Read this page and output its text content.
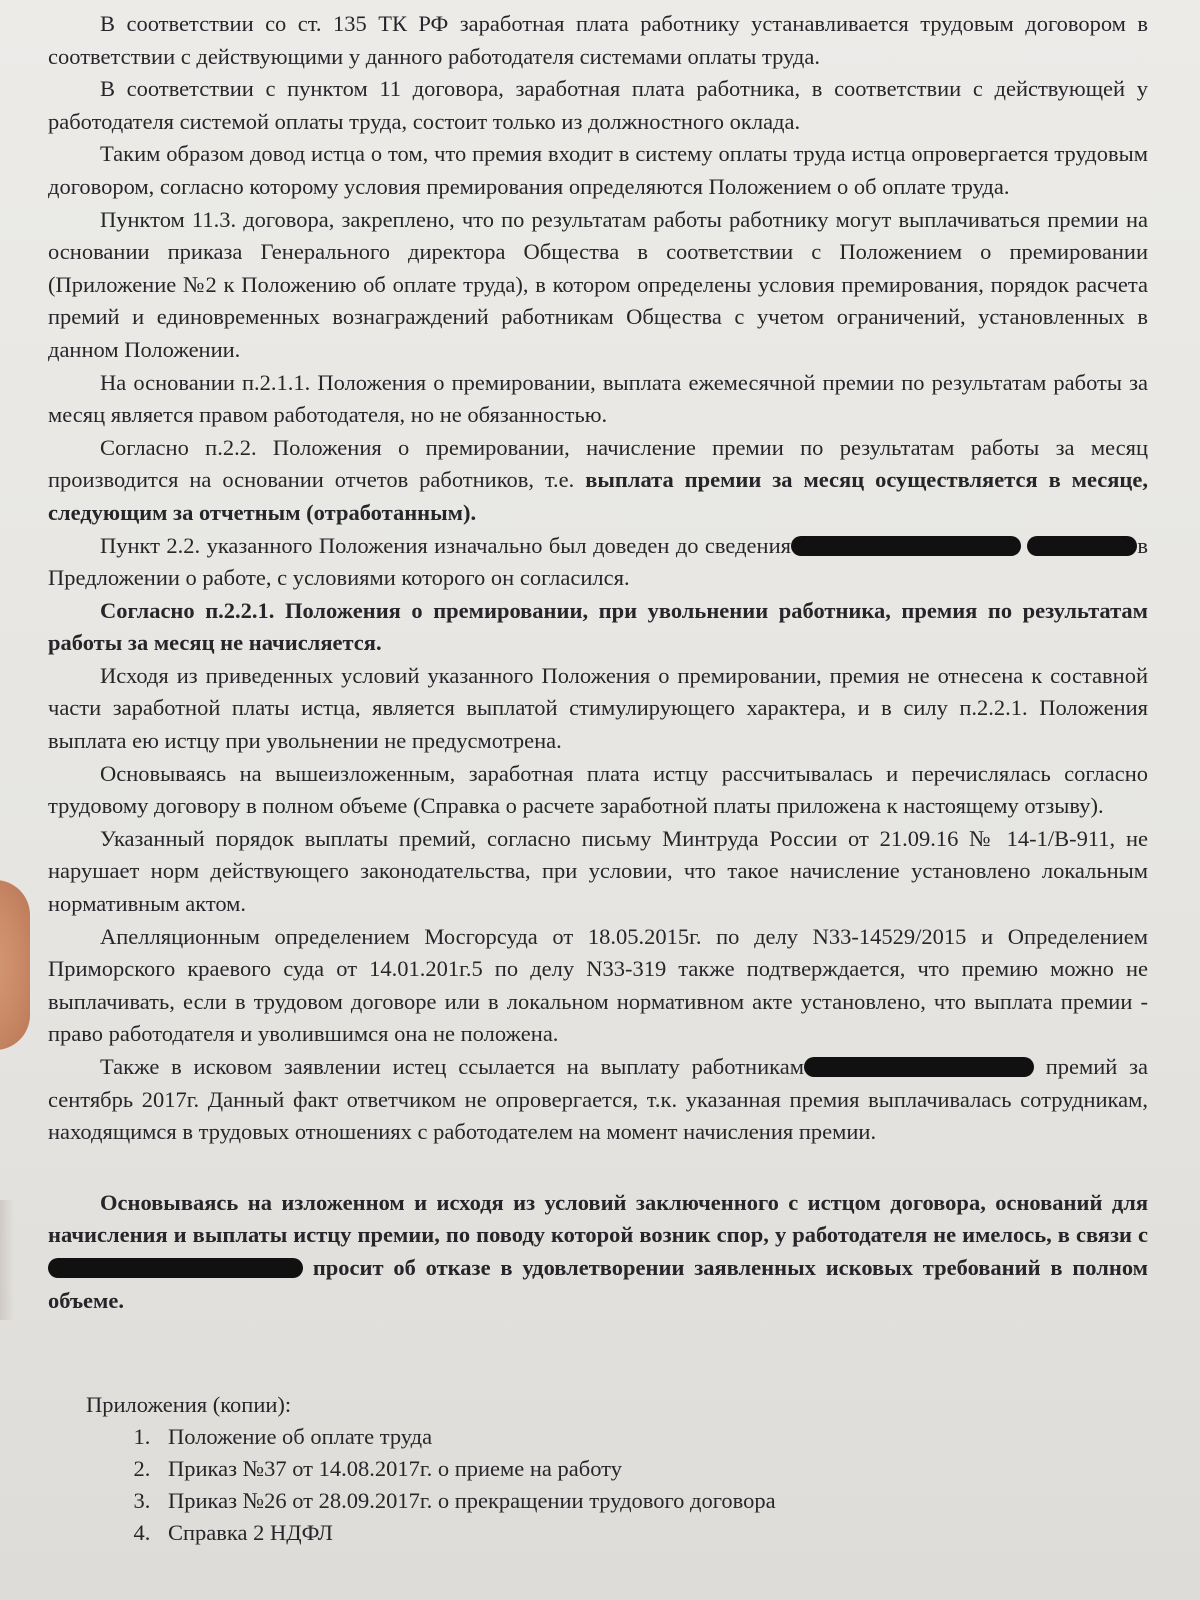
В соответствии со ст. 135 ТК РФ заработная плата работнику устанавливается трудовым договором в соответствии с действующими у данного работодателя системами оплаты труда.

В соответствии с пунктом 11 договора, заработная плата работника, в соответствии с действующей у работодателя системой оплаты труда, состоит только из должностного оклада.

Таким образом довод истца о том, что премия входит в систему оплаты труда истца опровергается трудовым договором, согласно которому условия премирования определяются Положением о об оплате труда.

Пунктом 11.3. договора, закреплено, что по результатам работы работнику могут выплачиваться премии на основании приказа Генерального директора Общества в соответствии с Положением о премировании (Приложение №2 к Положению об оплате труда), в котором определены условия премирования, порядок расчета премий и единовременных вознаграждений работникам Общества с учетом ограничений, установленных в данном Положении.

На основании п.2.1.1. Положения о премировании, выплата ежемесячной премии по результатам работы за месяц является правом работодателя, но не обязанностью.

Согласно п.2.2. Положения о премировании, начисление премии по результатам работы за месяц производится на основании отчетов работников, т.е. выплата премии за месяц осуществляется в месяце, следующим за отчетным (отработанным).

Пункт 2.2. указанного Положения изначально был доведен до сведения	в Предложении о работе, с условиями которого он согласился.

Согласно п.2.2.1. Положения о премировании, при увольнении работника, премия по результатам работы за месяц не начисляется.

Исходя из приведенных условий указанного Положения о премировании, премия не отнесена к составной части заработной платы истца, является выплатой стимулирующего характера, и в силу п.2.2.1. Положения выплата ею истцу при увольнении не предусмотрена.

Основываясь на вышеизложенным, заработная плата истцу рассчитывалась и перечислялась согласно трудовому договору в полном объеме (Справка о расчете заработной платы приложена к настоящему отзыву).

Указанный порядок выплаты премий, согласно письму Минтруда России от 21.09.16 № 14-1/В-911, не нарушает норм действующего законодательства, при условии, что такое начисление установлено локальным нормативным актом.

Апелляционным определением Мосгорсуда от 18.05.2015г. по делу N33-14529/2015 и Определением Приморского краевого суда от 14.01.201г.5 по делу N33-319 также подтверждается, что премию можно не выплачивать, если в трудовом договоре или в локальном нормативном акте установлено, что выплата премии - право работодателя и уволившимся она не положена.

Также в исковом заявлении истец ссылается на выплату работникам	премий за сентябрь 2017г. Данный факт ответчиком не опровергается, т.к. указанная премия выплачивалась сотрудникам, находящимся в трудовых отношениях с работодателем на момент начисления премии.

Основываясь на изложенном и исходя из условий заключенного с истцом договора, оснований для начисления и выплаты истцу премии, по поводу которой возник спор, у работодателя не имелось, в связи с  просит об отказе в удовлетворении заявленных исковых требований в полном объеме.

Приложения (копии):
1. Положение об оплате труда
2. Приказ №37 от 14.08.2017г. о приеме на работу
3. Приказ №26 от 28.09.2017г. о прекращении трудового договора
4. Справка 2 НДФЛ
